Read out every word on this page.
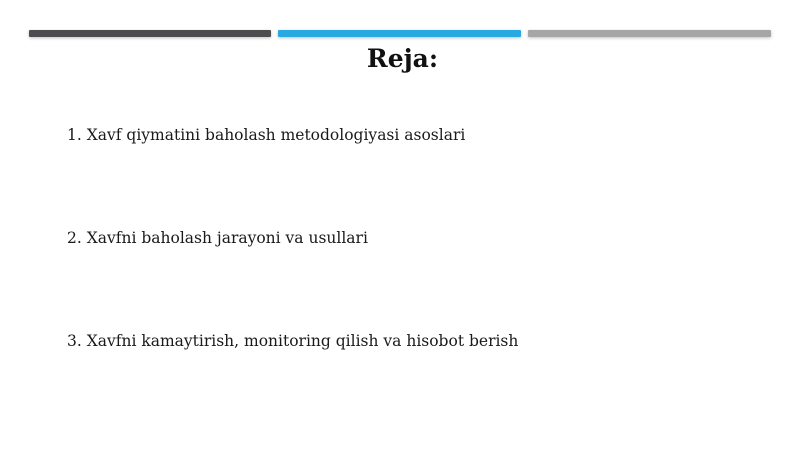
Reja:
1. Xavf qiymatini baholash metodologiyasi asoslari
2. Xavfni baholash jarayoni va usullari
3. Xavfni kamaytirish, monitoring qilish va hisobot berish
